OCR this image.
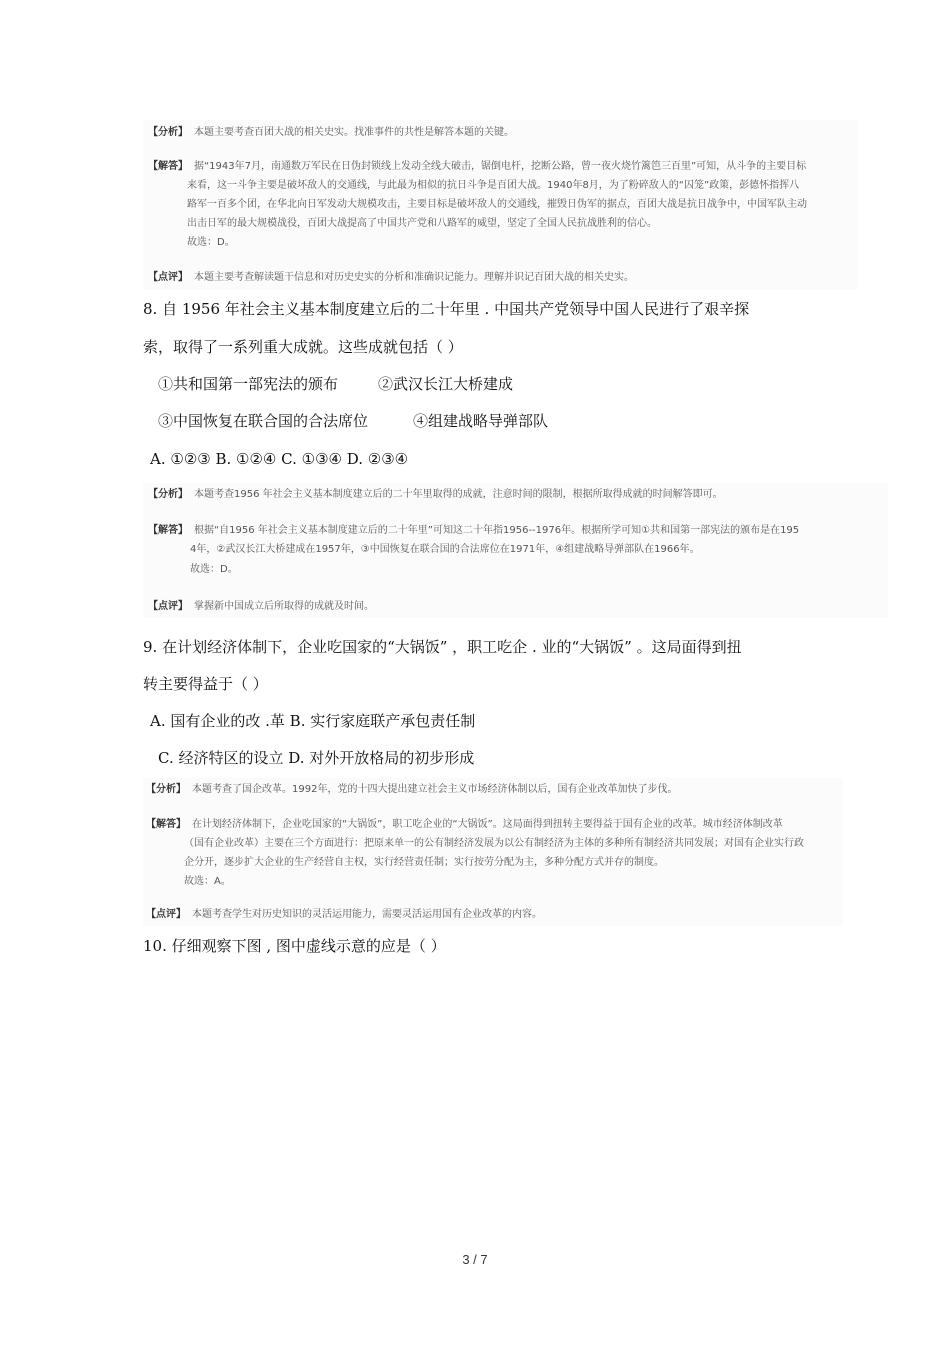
【分析】 本题主要考查百团大战的相关史实。找准事件的共性是解答本题的关键。
【解答】 据“1943年7月，南通数万军民在日伪封锁线上发动全线大破击，锯倒电杆，挖断公路，曾一夜火烧竹篱笆三百里”可知，从斗争的主要目标
来看，这一斗争主要是破坏敌人的交通线，与此最为相似的抗日斗争是百团大战。1940年8月，为了粉碎敌人的“囚笼”政策，彭德怀指挥八
路军一百多个团，在华北向日军发动大规模攻击，主要目标是破坏敌人的交通线，摧毁日伪军的据点，百团大战是抗日战争中，中国军队主动
出击日军的最大规模战役，百团大战提高了中国共产党和八路军的威望，坚定了全国人民抗战胜利的信心。
故选：D。
【点评】 本题主要考查解读题干信息和对历史史实的分析和准确识记能力。理解并识记百团大战的相关史实。
8. 自 1956 年社会主义基本制度建立后的二十年里 . 中国共产党领导中国人民进行了艰辛探
索，取得了一系列重大成就。这些成就包括（ ）
①共和国第一部宪法的颁布	②武汉长江大桥建成
③中国恢复在联合国的合法席位	④组建战略导弹部队
A. ①②③ B. ①②④ C. ①③④ D. ②③④
【分析】 本题考查1956 年社会主义基本制度建立后的二十年里取得的成就，注意时间的限制，根据所取得成就的时间解答即可。
【解答】 根据“自1956 年社会主义基本制度建立后的二十年里”可知这二十年指1956--1976年。根据所学可知①共和国第一部宪法的颁布是在195
4年，②武汉长江大桥建成在1957年，③中国恢复在联合国的合法席位在1971年，④组建战略导弹部队在1966年。
故选：D。
【点评】 掌握新中国成立后所取得的成就及时间。
9. 在计划经济体制下，企业吃国家的“大锅饭” ，职工吃企 . 业的“大锅饭” 。这局面得到扭
转主要得益于（ ）
A. 国有企业的改 .革 B. 实行家庭联产承包责任制
C. 经济特区的设立 D. 对外开放格局的初步形成
【分析】 本题考查了国企改革。1992年，党的十四大提出建立社会主义市场经济体制以后，国有企业改革加快了步伐。
【解答】 在计划经济体制下，企业吃国家的“大锅饭”，职工吃企业的“大锅饭”。这局面得到扭转主要得益于国有企业的改革。城市经济体制改革
（国有企业改革）主要在三个方面进行：把原来单一的公有制经济发展为以公有制经济为主体的多种所有制经济共同发展；对国有企业实行政
企分开，逐步扩大企业的生产经营自主权，实行经营责任制；实行按劳分配为主，多种分配方式并存的制度。
故选：A。
【点评】 本题考查学生对历史知识的灵活运用能力，需要灵活运用国有企业改革的内容。
10. 仔细观察下图 , 图中虚线示意的应是（ ）
3 / 7
